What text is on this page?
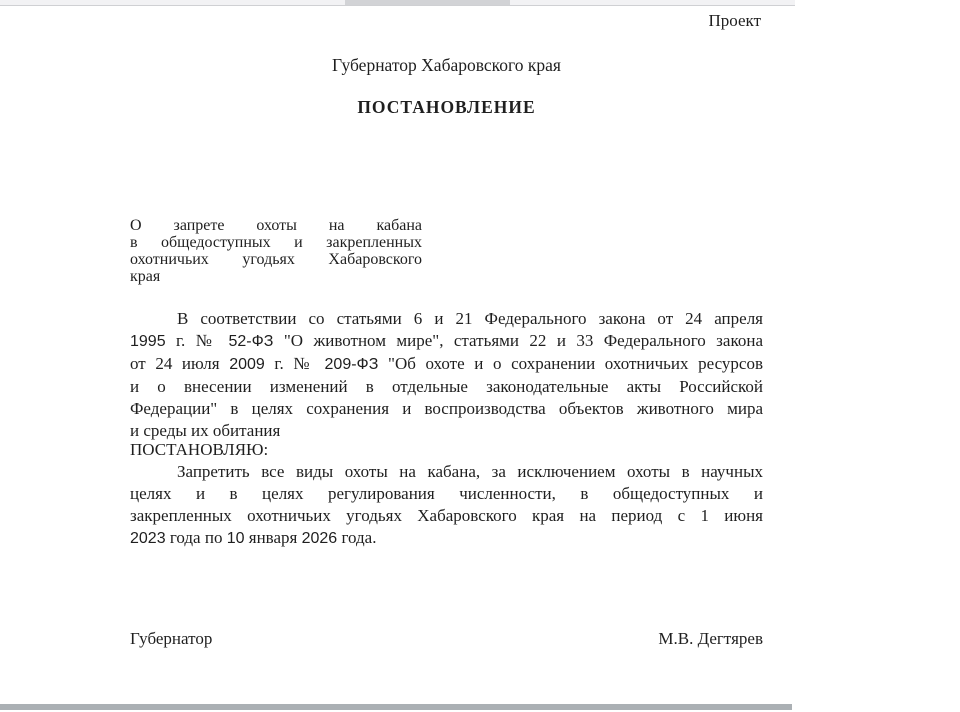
Проект
Губернатор Хабаровского края
ПОСТАНОВЛЕНИЕ
О запрете охоты на кабана
в общедоступных и закрепленных
охотничьих угодьях Хабаровского
края
В соответствии со статьями 6 и 21 Федерального закона от 24 апреля
1995 г. № 52-ФЗ "О животном мире", статьями 22 и 33 Федерального закона
от 24 июля 2009 г. № 209-ФЗ "Об охоте и о сохранении охотничьих ресурсов
и о внесении изменений в отдельные законодательные акты Российской
Федерации" в целях сохранения и воспроизводства объектов животного мира
и среды их обитания
ПОСТАНОВЛЯЮ:
Запретить все виды охоты на кабана, за исключением охоты в научных
целях и в целях регулирования численности, в общедоступных и
закрепленных охотничьих угодьях Хабаровского края на период с 1 июня
2023 года по 10 января 2026 года.
Губернатор	М.В. Дегтярев
